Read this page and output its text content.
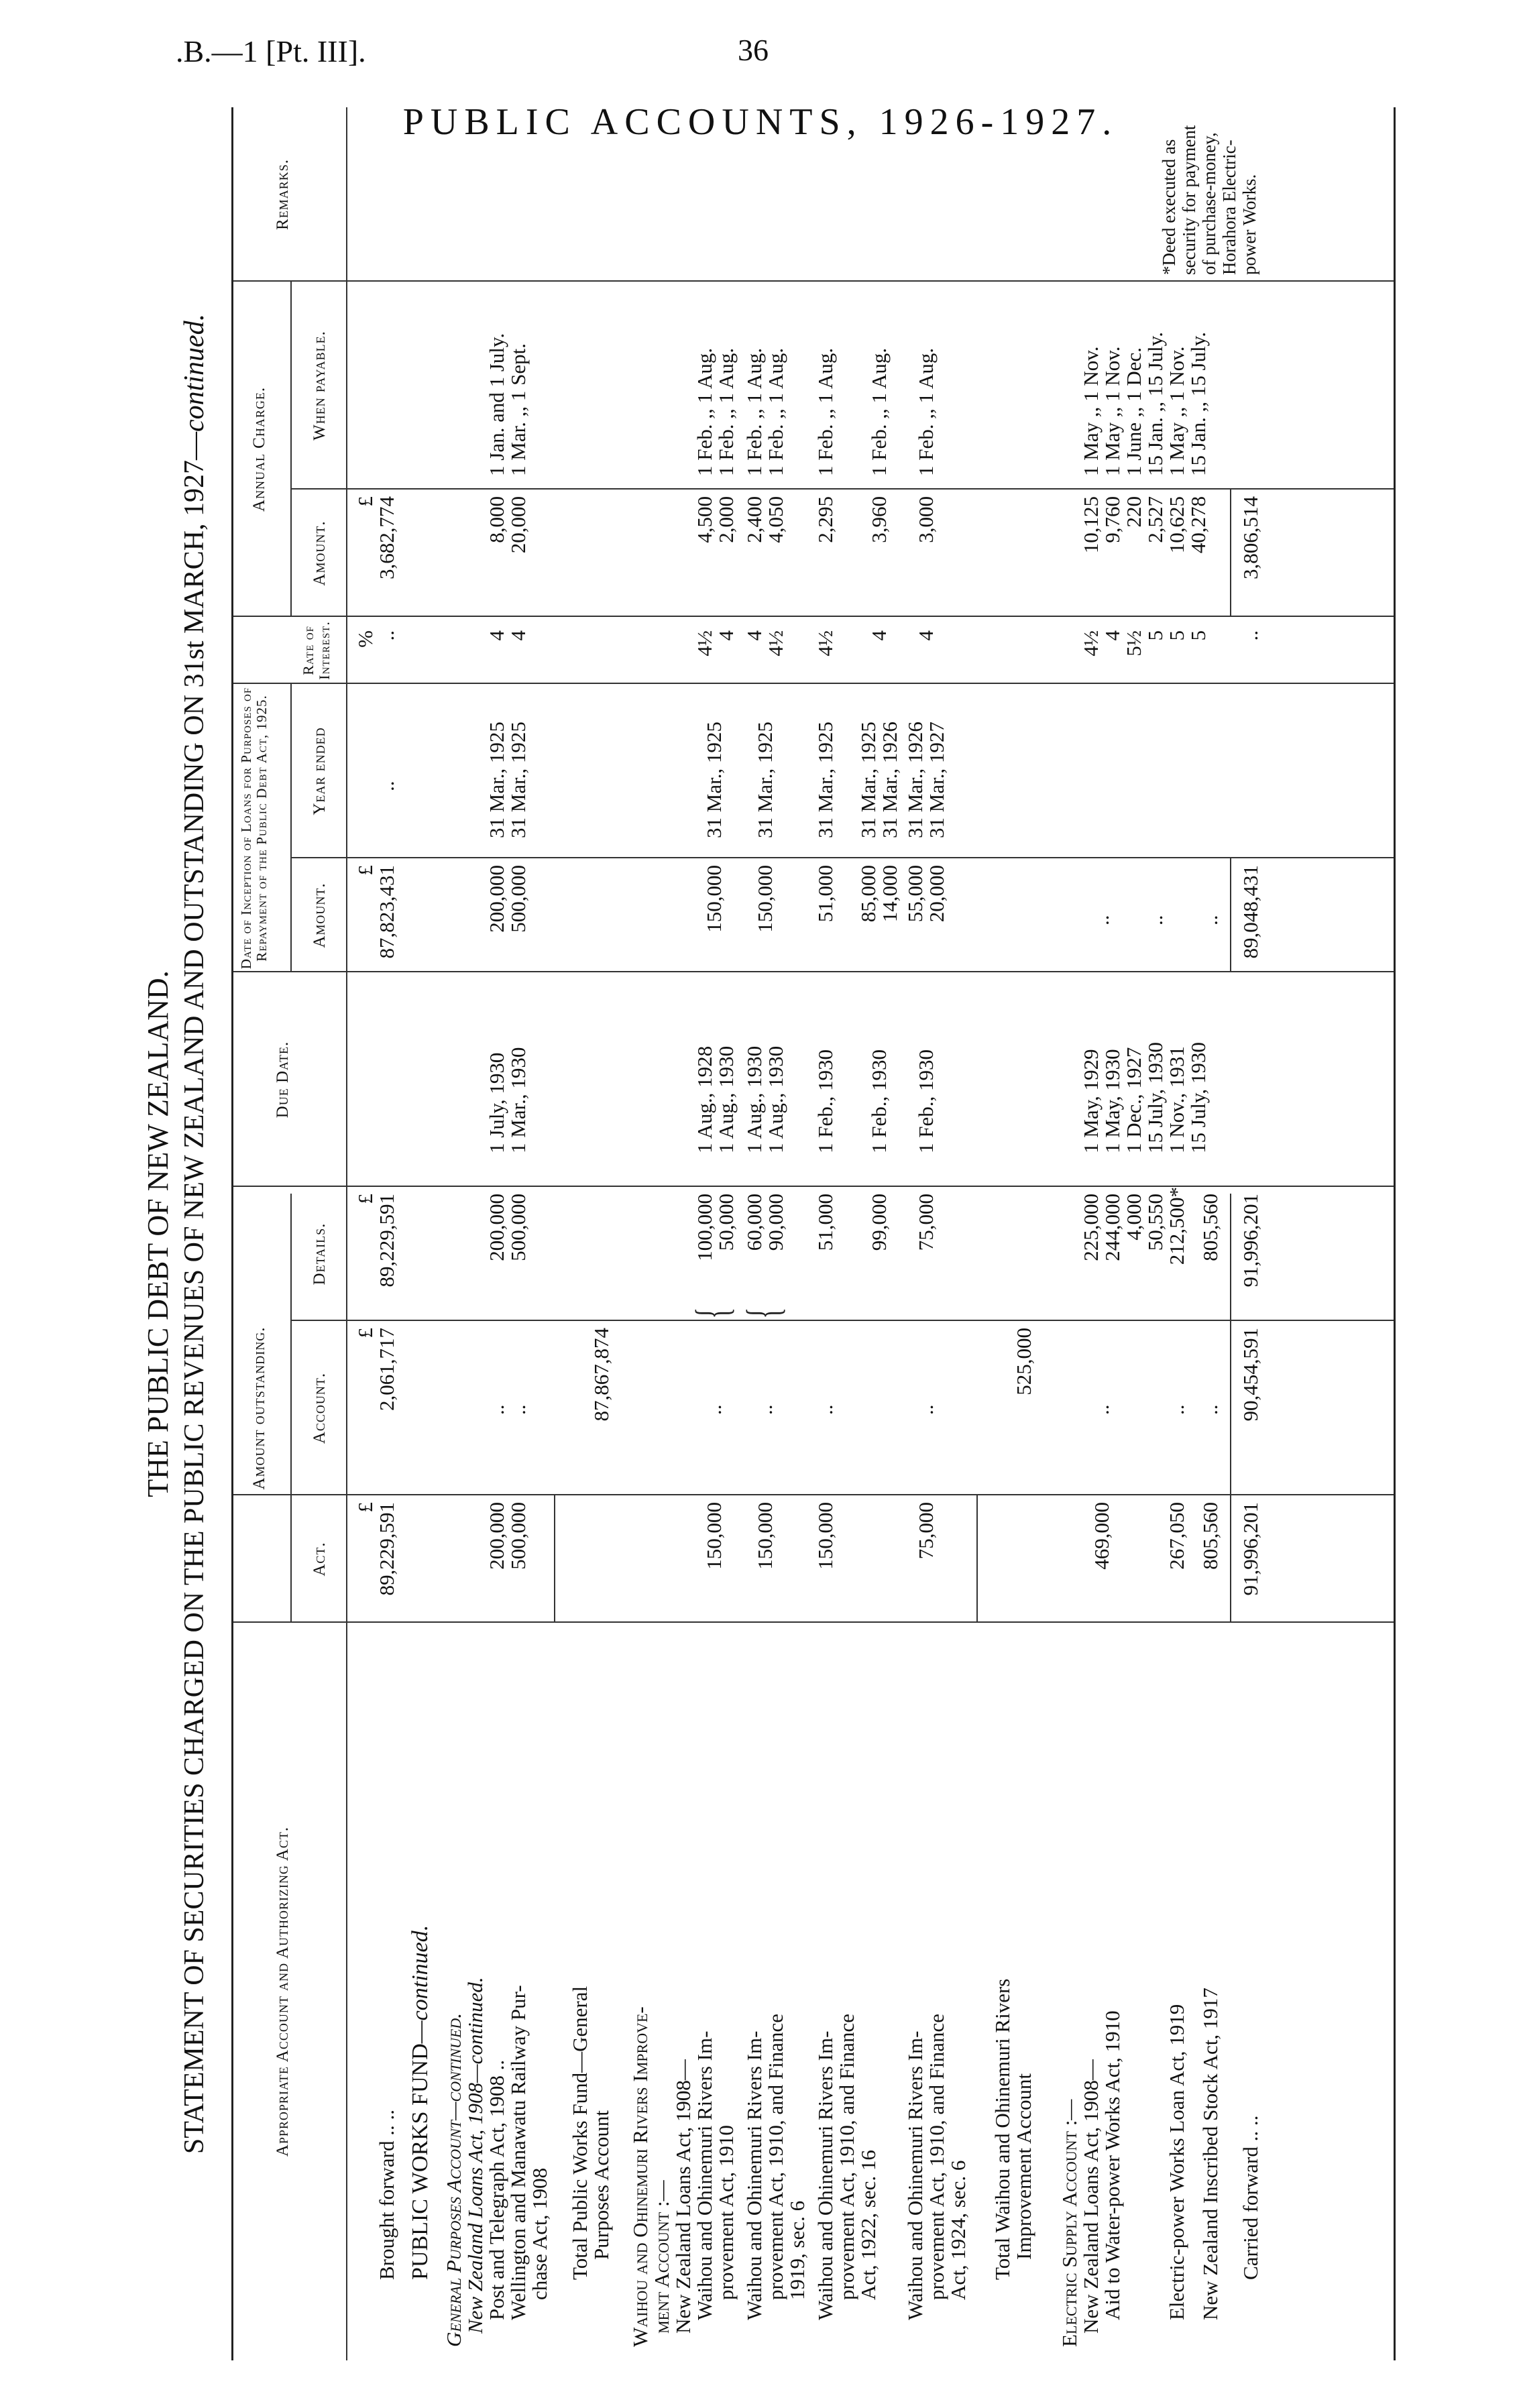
.B.—1 [Pt. III].	36
PUBLIC ACCOUNTS, 1926-1927.
THE PUBLIC DEBT OF NEW ZEALAND. STATEMENT OF SECURITIES CHARGED ON THE PUBLIC REVENUES OF NEW ZEALAND AND OUTSTANDING ON 31st MARCH, 1927—continued.
Appropriate Account and Authorizing Act.
Amount outstanding.
Act.
Account.
Details.
Due Date.
Date of Inception of Loans for Purposes of Repayment of the Public Debt Act, 1925. Amount.
Year ended
Rate of Interest.
Annual Charge.
Amount.
When payable.
Remarks.
£
£
£
£
%
£
Brought forward .. ..
89,229,591
2,061,717
89,229,591
87,823,431
..
..
3,682,774
PUBLIC WORKS FUND—continued.
General Purposes Account—continued.
New Zealand Loans Act, 1908—continued.
Post and Telegraph Act, 1908 ..
200,000
..
200,000
1 July, 1930
200,000
31 Mar., 1925
4
8,000
1 Jan. and 1 July.
Wellington and Manawatu Railway Pur-
chase Act, 1908
500,000
..
500,000
1 Mar., 1930
500,000
31 Mar., 1925
4
20,000
1 Mar. ,, 1 Sept.
Total Public Works Fund—General
Purposes Account
87,867,874
Waihou and Ohinemuri Rivers Improve-
ment Account :—
New Zealand Loans Act, 1908—
Waihou and Ohinemuri Rivers Im-
provement Act, 1910
150,000
..
{
100,000
50,000
1 Aug., 1928
1 Aug., 1930
150,000
31 Mar., 1925
4½
4
4,500
2,000
1 Feb. ,, 1 Aug.
1 Feb. ,, 1 Aug.
Waihou and Ohinemuri Rivers Im-
provement Act, 1910, and Finance
1919, sec. 6
150,000
..
{
60,000
90,000
1 Aug., 1930
1 Aug., 1930
150,000
31 Mar., 1925
4
4½
2,400
4,050
1 Feb. ,, 1 Aug.
1 Feb. ,, 1 Aug.
Waihou and Ohinemuri Rivers Im-
provement Act, 1910, and Finance
Act, 1922, sec. 16
150,000
..
51,000
1 Feb., 1930
51,000
31 Mar., 1925
4½
2,295
1 Feb. ,, 1 Aug.
99,000
1 Feb., 1930
85,000
14,000
31 Mar., 1925
31 Mar., 1926
4
3,960
1 Feb. ,, 1 Aug.
Waihou and Ohinemuri Rivers Im-
provement Act, 1910, and Finance
Act, 1924, sec. 6
75,000
..
75,000
1 Feb., 1930
55,000
20,000
31 Mar., 1926
31 Mar., 1927
4
3,000
1 Feb. ,, 1 Aug.
Total Waihou and Ohinemuri Rivers
Improvement Account
525,000
Electric Supply Account :—
New Zealand Loans Act, 1908—
Aid to Water-power Works Act, 1910
469,000
..
225,000
244,000
1 May, 1929
1 May, 1930
..
4½
4
10,125
9,760
1 May ,, 1 Nov.
1 May ,, 1 Nov.
Electric-power Works Loan Act, 1919
267,050
..
4,000
50,550
212,500*
1 Dec., 1927
15 July, 1930
1 Nov., 1931
..
5½
5
5
220
2,527
10,625
1 June ,, 1 Dec.
15 Jan. ,, 15 July.
1 May ,, 1 Nov.
New Zealand Inscribed Stock Act, 1917
805,560
..
805,560
15 July, 1930
..
5
40,278
15 Jan. ,, 15 July.
Carried forward .. ..
91,996,201
90,454,591
91,996,201
89,048,431
..
3,806,514
*Deed executed as security for payment of purchase-money, Horahora Electric-power Works.
